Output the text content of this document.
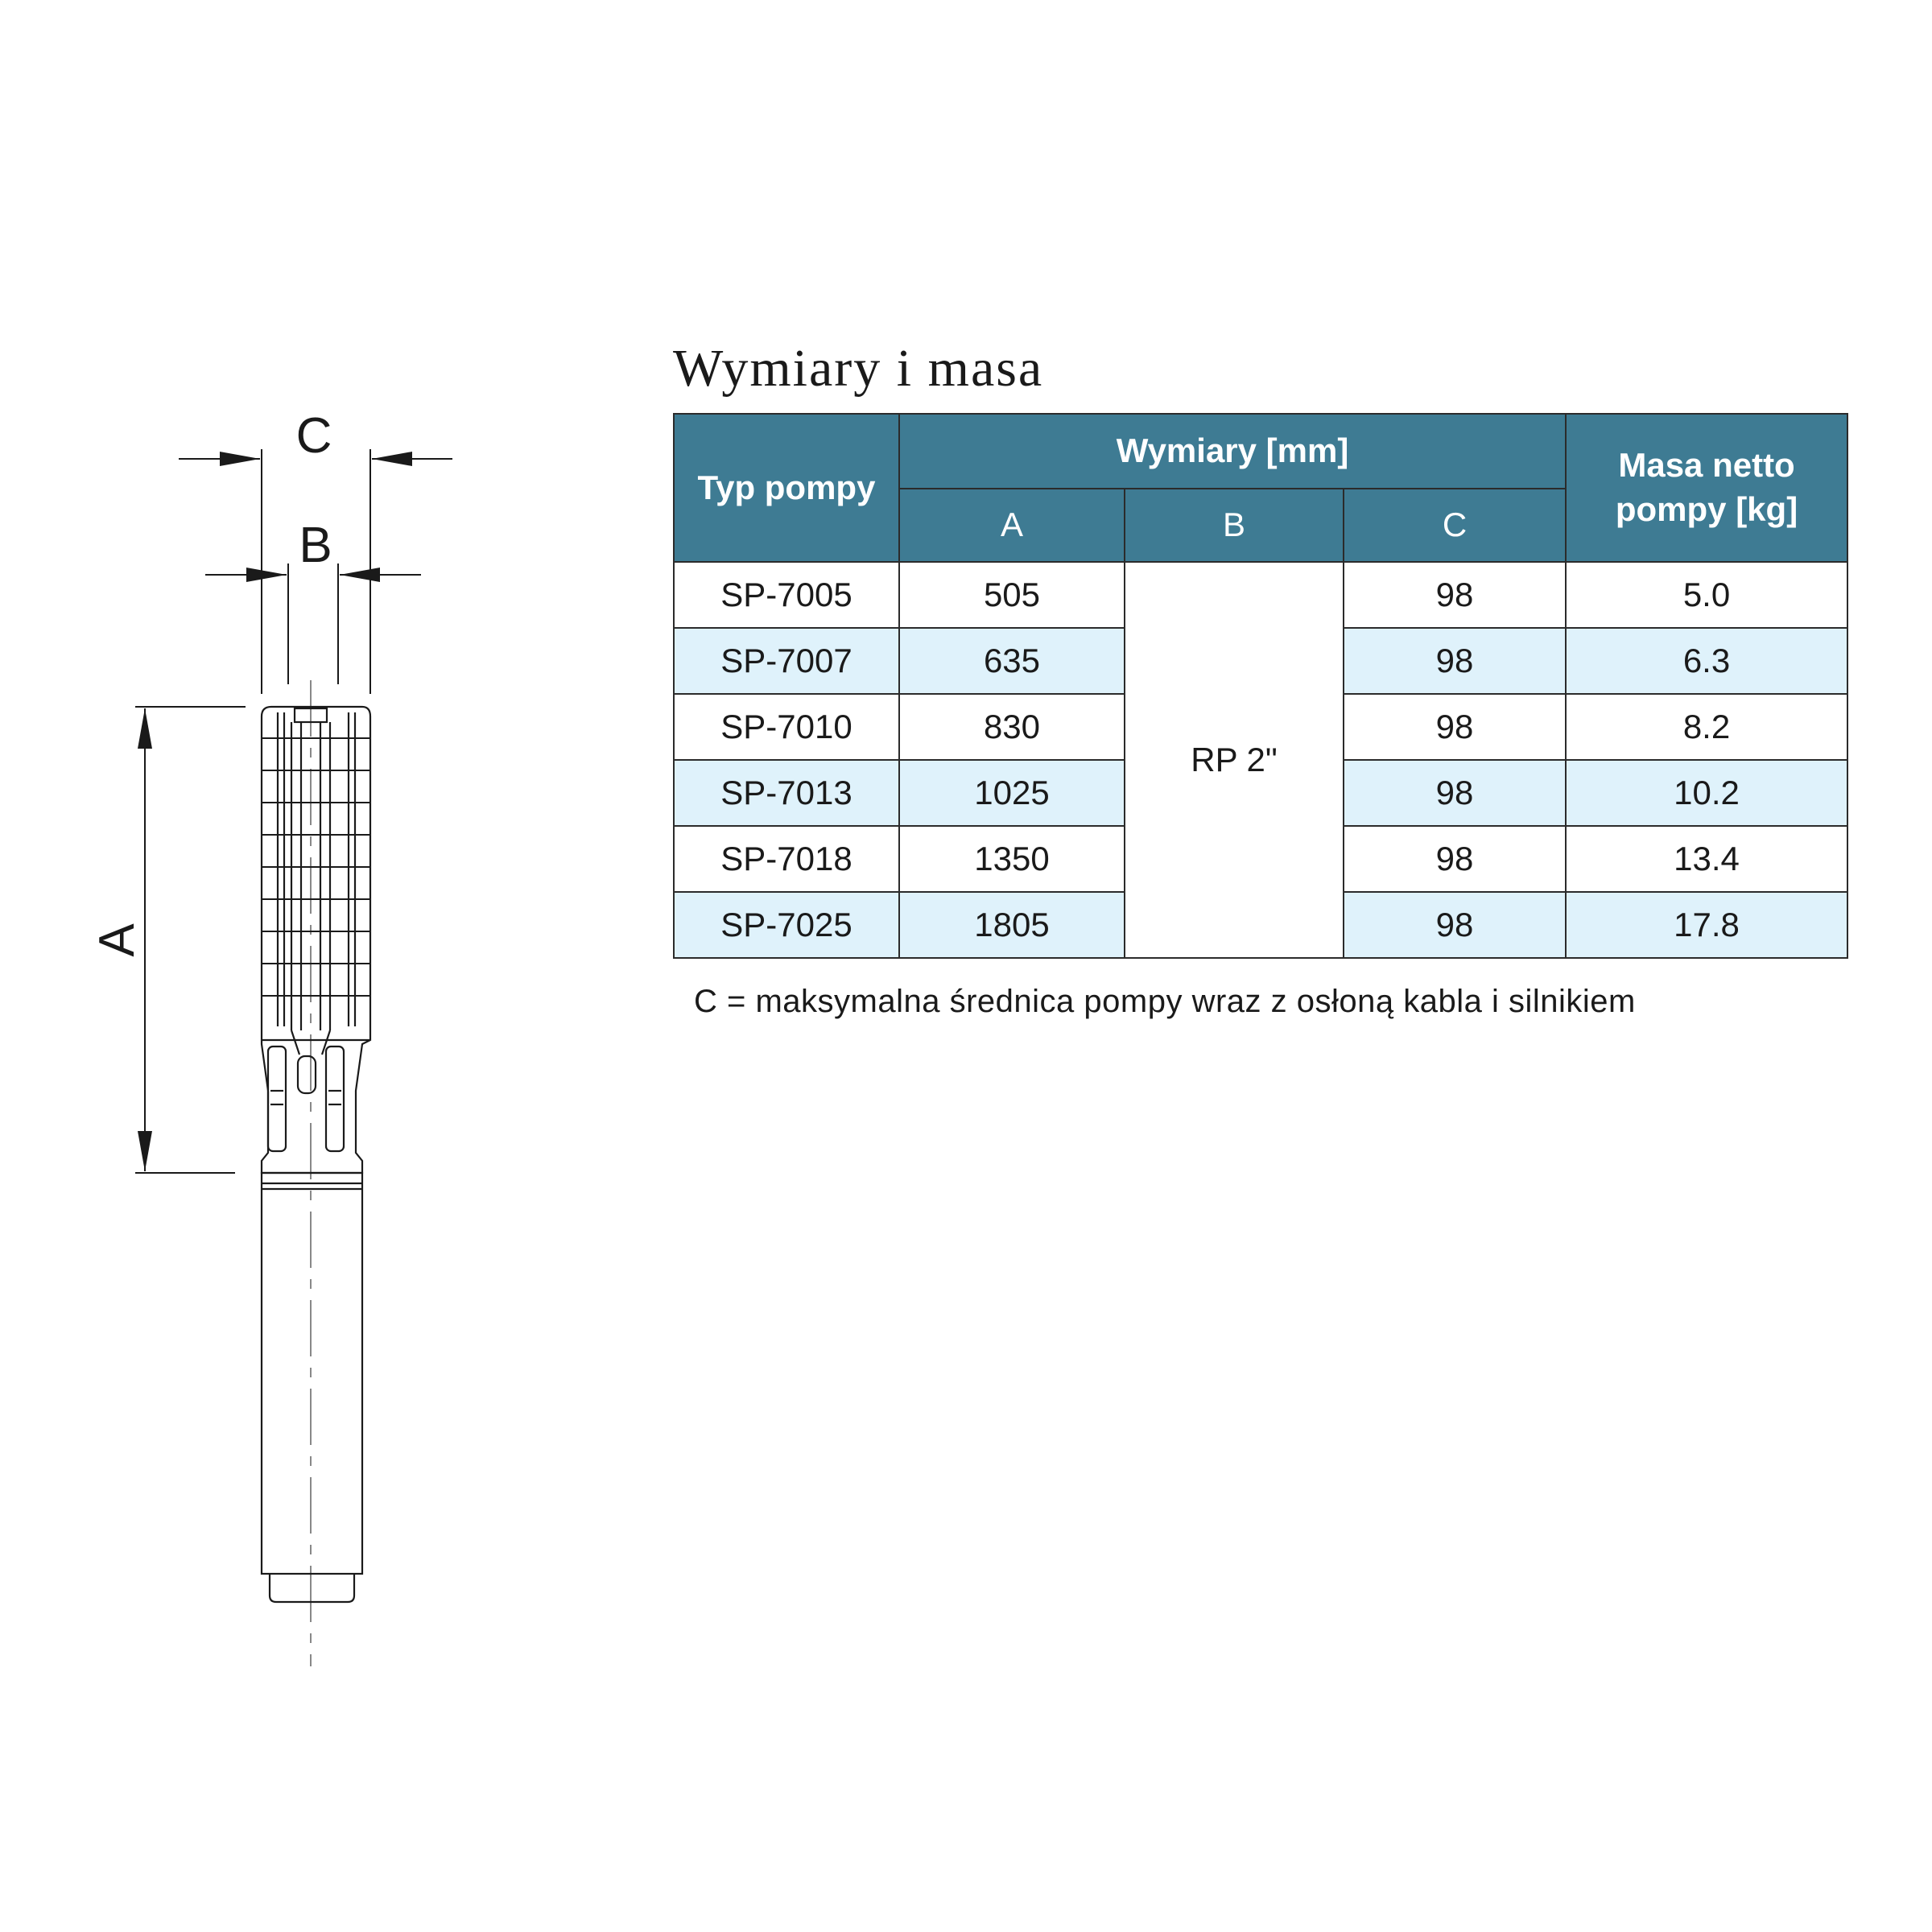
C
B
A
Wymiary i masa
Typ pompy	Wymiary [mm]			Masa netto pompy [kg]
	A	B	C	
SP-7005	505	RP 2"	98	5.0
SP-7007	635		98	6.3
SP-7010	830		98	8.2
SP-7013	1025		98	10.2
SP-7018	1350		98	13.4
SP-7025	1805		98	17.8
C = maksymalna średnica pompy wraz z osłoną kabla i silnikiem
